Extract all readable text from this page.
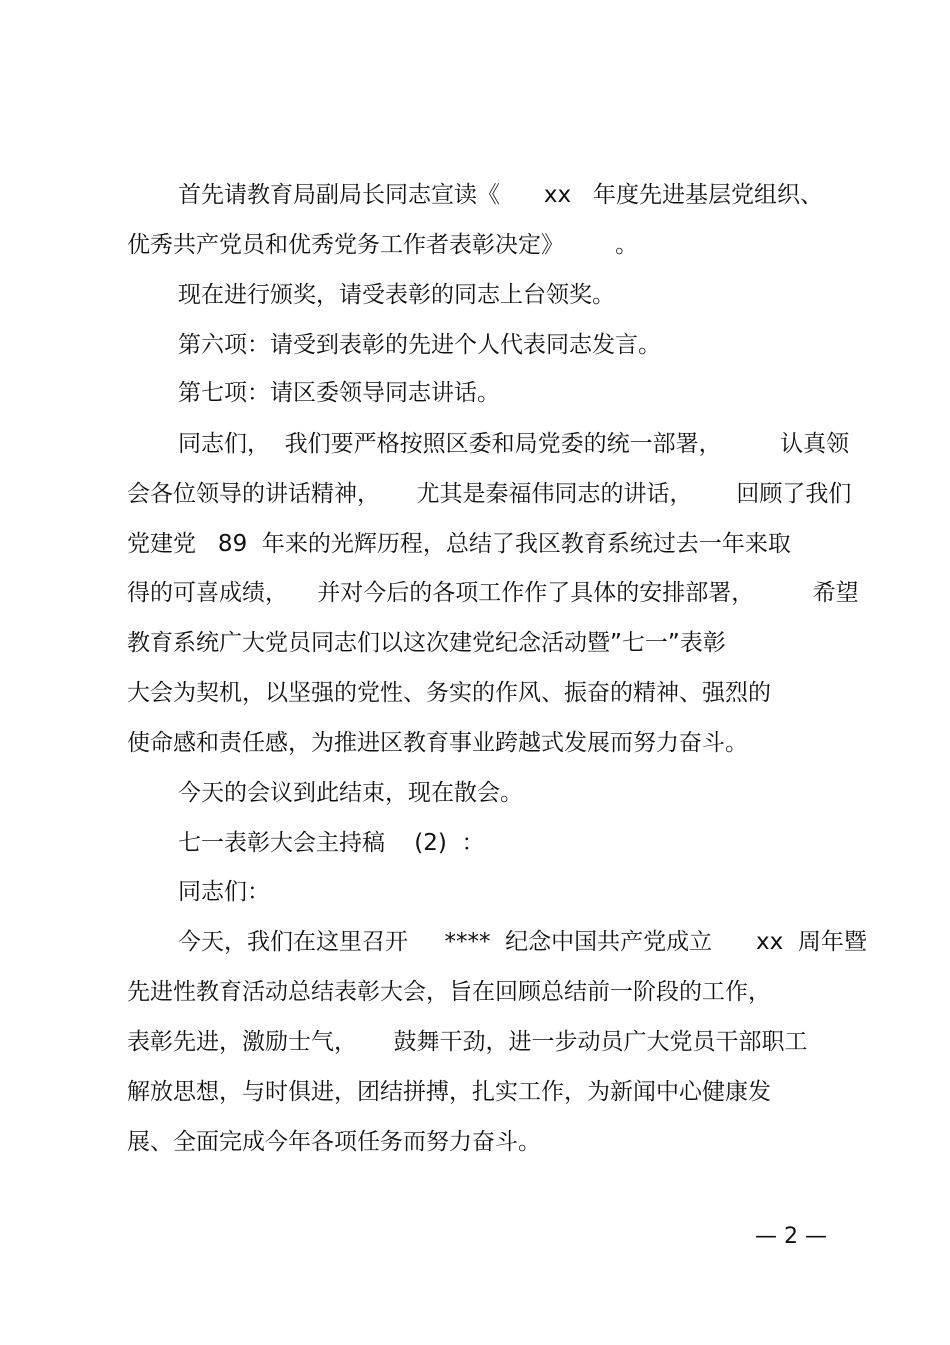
首先请教育局副局长同志宣读《      xx   年度先进基层党组织、
优秀共产党员和优秀党务工作者表彰决定》       。
现在进行颁奖，请受表彰的同志上台领奖。
第六项：请受到表彰的先进个人代表同志发言。
第七项：请区委领导同志讲话。
同志们，  我们要严格按照区委和局党委的统一部署，        认真领
会各位领导的讲话精神，     尤其是秦福伟同志的讲话，      回顾了我们
党建党   89  年来的光辉历程，总结了我区教育系统过去一年来取
得的可喜成绩，    并对今后的各项工作作了具体的安排部署，        希望
教育系统广大党员同志们以这次建党纪念活动暨”七一”表彰
大会为契机，以坚强的党性、务实的作风、振奋的精神、强烈的
使命感和责任感，为推进区教育事业跨越式发展而努力奋斗。
今天的会议到此结束，现在散会。
七一表彰大会主持稿    (2)  ：
同志们：
今天，我们在这里召开     ****  纪念中国共产党成立      xx  周年暨
先进性教育活动总结表彰大会，旨在回顾总结前一阶段的工作，
表彰先进，激励士气，     鼓舞干劲，进一步动员广大党员干部职工
解放思想，与时俱进，团结拼搏，扎实工作，为新闻中心健康发
展、全面完成今年各项任务而努力奋斗。
— 2 —
